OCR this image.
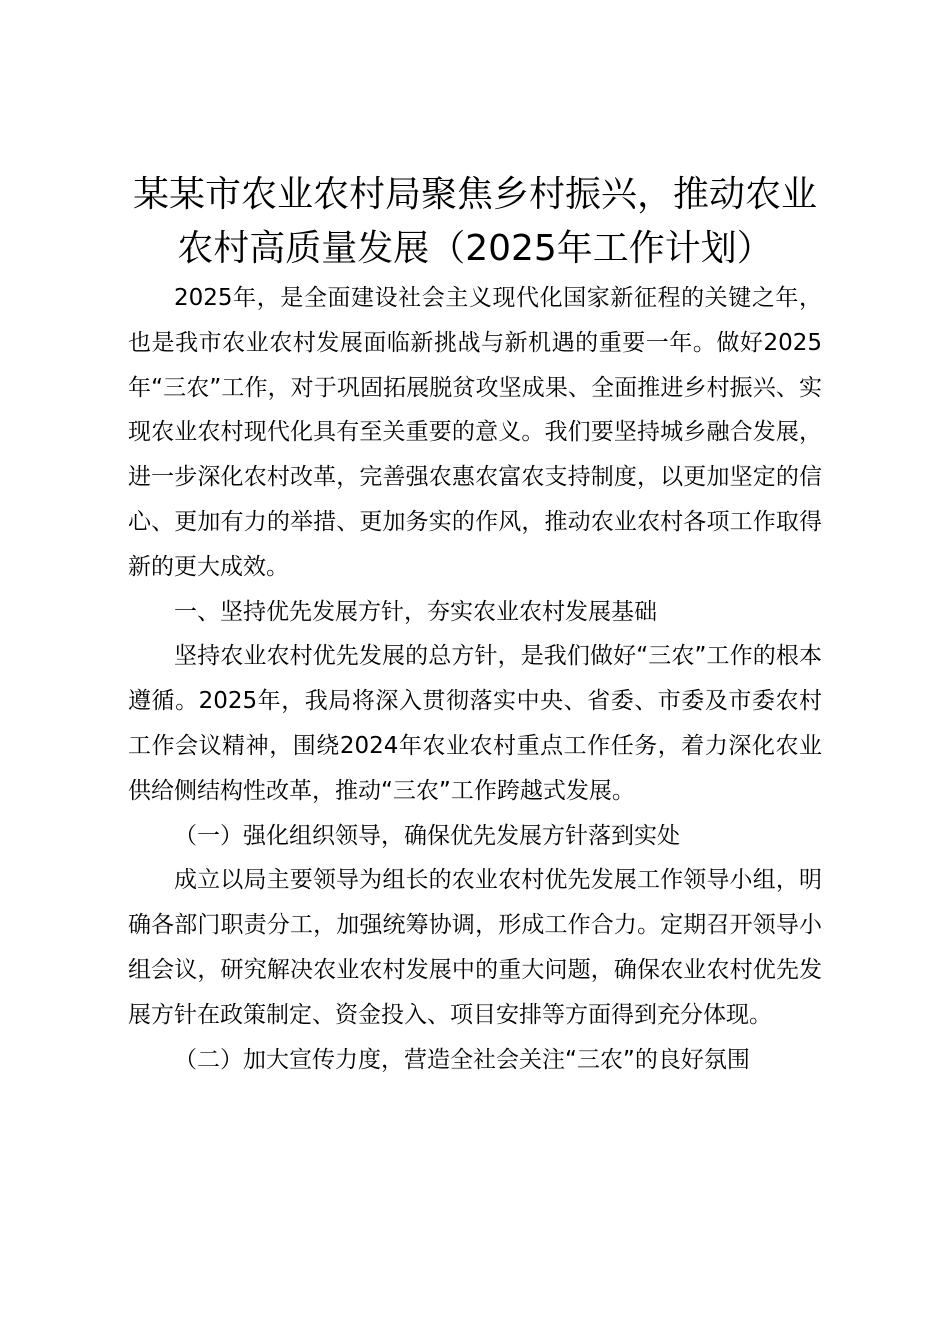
某某市农业农村局聚焦乡村振兴，推动农业农村高质量发展（2025年工作计划）

2025年，是全面建设社会主义现代化国家新征程的关键之年，也是我市农业农村发展面临新挑战与新机遇的重要一年。做好2025年“三农”工作，对于巩固拓展脱贫攻坚成果、全面推进乡村振兴、实现农业农村现代化具有至关重要的意义。我们要坚持城乡融合发展，进一步深化农村改革，完善强农惠农富农支持制度，以更加坚定的信心、更加有力的举措、更加务实的作风，推动农业农村各项工作取得新的更大成效。

一、坚持优先发展方针，夯实农业农村发展基础

坚持农业农村优先发展的总方针，是我们做好“三农”工作的根本遵循。2025年，我局将深入贯彻落实中央、省委、市委及市委农村工作会议精神，围绕2024年农业农村重点工作任务，着力深化农业供给侧结构性改革，推动“三农”工作跨越式发展。

（一）强化组织领导，确保优先发展方针落到实处

成立以局主要领导为组长的农业农村优先发展工作领导小组，明确各部门职责分工，加强统筹协调，形成工作合力。定期召开领导小组会议，研究解决农业农村发展中的重大问题，确保农业农村优先发展方针在政策制定、资金投入、项目安排等方面得到充分体现。

（二）加大宣传力度，营造全社会关注“三农”的良好氛围
